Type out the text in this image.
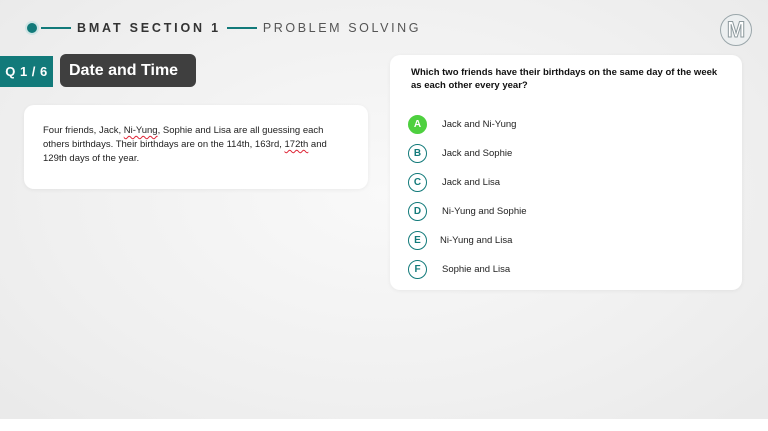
BMAT SECTION 1	PROBLEM SOLVING	M
Q 1 / 6	Date and Time
Four friends, Jack, Ni-Yung, Sophie and Lisa are all guessing each others birthdays. Their birthdays are on the 114th, 163rd, 172th and 129th days of the year.
Which two friends have their birthdays on the same day of the week as each other every year?
A	Jack and Ni-Yung
B	Jack and Sophie
C	Jack and Lisa
D	Ni-Yung and Sophie
E	Ni-Yung and Lisa
F	Sophie and Lisa
